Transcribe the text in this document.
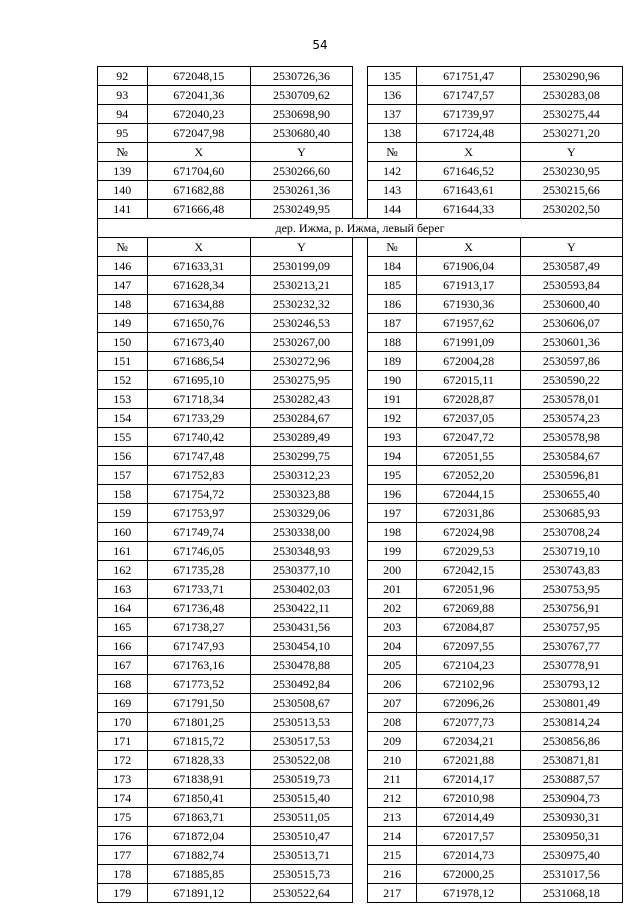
54
92	672048,15	2530726,36		135	671751,47	2530290,96
93	672041,36	2530709,62		136	671747,57	2530283,08
94	672040,23	2530698,90		137	671739,97	2530275,44
95	672047,98	2530680,40		138	671724,48	2530271,20
№	X	Y		№	X	Y
139	671704,60	2530266,60		142	671646,52	2530230,95
140	671682,88	2530261,36		143	671643,61	2530215,66
141	671666,48	2530249,95		144	671644,33	2530202,50
дер. Ижма, р. Ижма, левый берег						
№	X	Y		№	X	Y
146	671633,31	2530199,09		184	671906,04	2530587,49
147	671628,34	2530213,21		185	671913,17	2530593,84
148	671634,88	2530232,32		186	671930,36	2530600,40
149	671650,76	2530246,53		187	671957,62	2530606,07
150	671673,40	2530267,00		188	671991,09	2530601,36
151	671686,54	2530272,96		189	672004,28	2530597,86
152	671695,10	2530275,95		190	672015,11	2530590,22
153	671718,34	2530282,43		191	672028,87	2530578,01
154	671733,29	2530284,67		192	672037,05	2530574,23
155	671740,42	2530289,49		193	672047,72	2530578,98
156	671747,48	2530299,75		194	672051,55	2530584,67
157	671752,83	2530312,23		195	672052,20	2530596,81
158	671754,72	2530323,88		196	672044,15	2530655,40
159	671753,97	2530329,06		197	672031,86	2530685,93
160	671749,74	2530338,00		198	672024,98	2530708,24
161	671746,05	2530348,93		199	672029,53	2530719,10
162	671735,28	2530377,10		200	672042,15	2530743,83
163	671733,71	2530402,03		201	672051,96	2530753,95
164	671736,48	2530422,11		202	672069,88	2530756,91
165	671738,27	2530431,56		203	672084,87	2530757,95
166	671747,93	2530454,10		204	672097,55	2530767,77
167	671763,16	2530478,88		205	672104,23	2530778,91
168	671773,52	2530492,84		206	672102,96	2530793,12
169	671791,50	2530508,67		207	672096,26	2530801,49
170	671801,25	2530513,53		208	672077,73	2530814,24
171	671815,72	2530517,53		209	672034,21	2530856,86
172	671828,33	2530522,08		210	672021,88	2530871,81
173	671838,91	2530519,73		211	672014,17	2530887,57
174	671850,41	2530515,40		212	672010,98	2530904,73
175	671863,71	2530511,05		213	672014,49	2530930,31
176	671872,04	2530510,47		214	672017,57	2530950,31
177	671882,74	2530513,71		215	672014,73	2530975,40
178	671885,85	2530515,73		216	672000,25	2531017,56
179	671891,12	2530522,64		217	671978,12	2531068,18
